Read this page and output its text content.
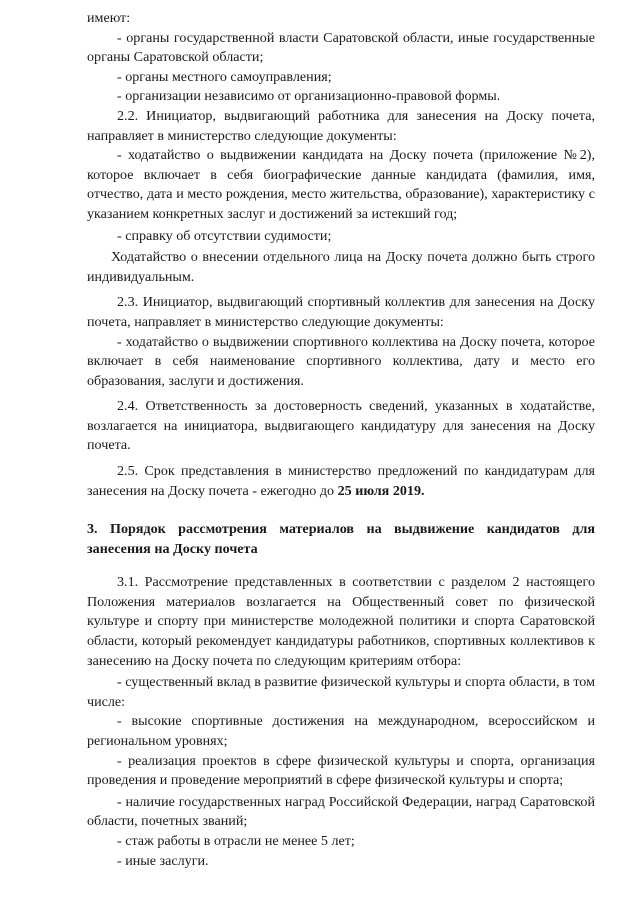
имеют:

- органы государственной власти Саратовской области, иные государственные органы Саратовской области;

- органы местного самоуправления;

- организации независимо от организационно-правовой формы.

2.2. Инициатор, выдвигающий работника для занесения на Доску почета, направляет в министерство следующие документы:

- ходатайство о выдвижении кандидата на Доску почета (приложение №2), которое включает в себя биографические данные кандидата (фамилия, имя, отчество, дата и место рождения, место жительства, образование), характеристику с указанием конкретных заслуг и достижений за истекший год;

- справку об отсутствии судимости;

Ходатайство о внесении отдельного лица на Доску почета должно быть строго индивидуальным.

2.3. Инициатор, выдвигающий спортивный коллектив для занесения на Доску почета, направляет в министерство следующие документы:

- ходатайство о выдвижении спортивного коллектива на Доску почета, которое включает в себя наименование спортивного коллектива, дату и место его образования, заслуги и достижения.

2.4. Ответственность за достоверность сведений, указанных в ходатайстве, возлагается на инициатора, выдвигающего кандидатуру для занесения на Доску почета.

2.5. Срок представления в министерство предложений по кандидатурам для занесения на Доску почета - ежегодно до 25 июля 2019.

3. Порядок рассмотрения материалов на выдвижение кандидатов для занесения на Доску почета

3.1. Рассмотрение представленных в соответствии с разделом 2 настоящего Положения материалов возлагается на Общественный совет по физической культуре и спорту при министерстве молодежной политики и спорта Саратовской области, который рекомендует кандидатуры работников, спортивных коллективов к занесению на Доску почета по следующим критериям отбора:

- существенный вклад в развитие физической культуры и спорта области, в том числе:

- высокие спортивные достижения на международном, всероссийском и региональном уровнях;

- реализация проектов в сфере физической культуры и спорта, организация проведения и проведение мероприятий в сфере физической культуры и спорта;

- наличие государственных наград Российской Федерации, наград Саратовской области, почетных званий;

- стаж работы в отрасли не менее 5 лет;

- иные заслуги.
